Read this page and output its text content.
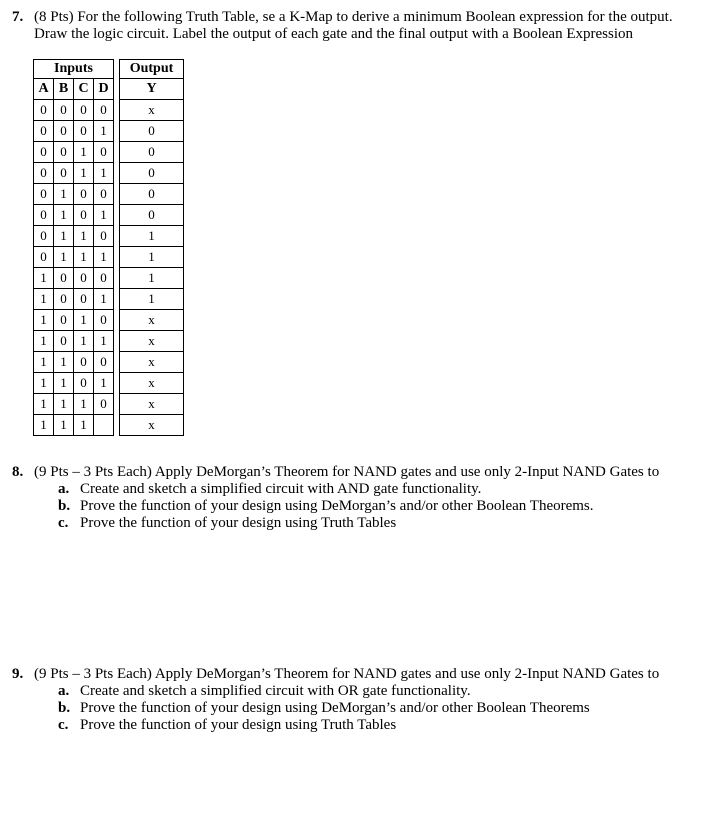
7. (8 Pts) For the following Truth Table, se a K-Map to derive a minimum Boolean expression for the output. Draw the logic circuit. Label the output of each gate and the final output with a Boolean Expression
Inputs					Output
A	B	C	D		Y
0	0	0	0		x
0	0	0	1		0
0	0	1	0		0
0	0	1	1		0
0	1	0	0		0
0	1	0	1		0
0	1	1	0		1
0	1	1	1		1
1	0	0	0		1
1	0	0	1		1
1	0	1	0		x
1	0	1	1		x
1	1	0	0		x
1	1	0	1		x
1	1	1	0		x
1	1	1			x
8. (9 Pts – 3 Pts Each) Apply DeMorgan’s Theorem for NAND gates and use only 2-Input NAND Gates to
a. Create and sketch a simplified circuit with AND gate functionality.
b. Prove the function of your design using DeMorgan’s and/or other Boolean Theorems.
c. Prove the function of your design using Truth Tables
9. (9 Pts – 3 Pts Each) Apply DeMorgan’s Theorem for NAND gates and use only 2-Input NAND Gates to
a. Create and sketch a simplified circuit with OR gate functionality.
b. Prove the function of your design using DeMorgan’s and/or other Boolean Theorems
c. Prove the function of your design using Truth Tables
